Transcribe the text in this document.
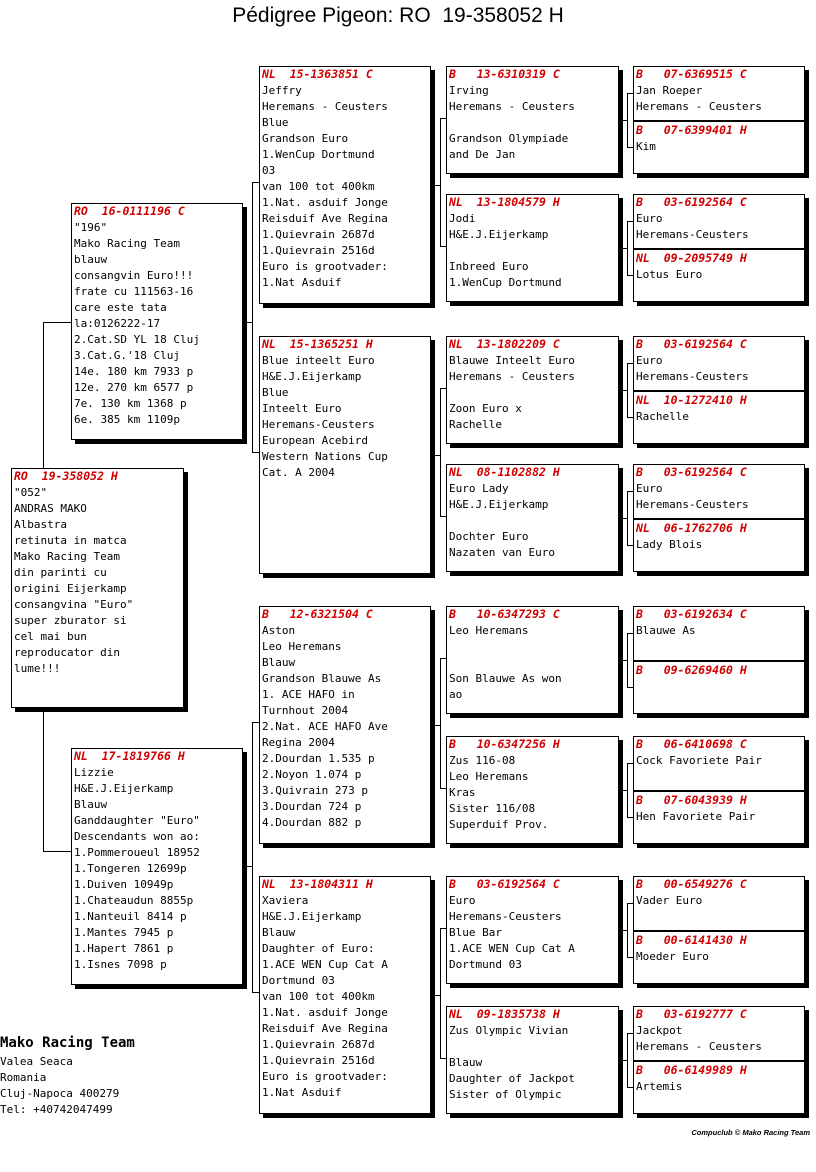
Pédigree Pigeon: RO  19-358052 H
RO  19-358052 H
"052"
ANDRAS MAKO
Albastra
retinuta in matca
Mako Racing Team
din parinti cu
origini Eijerkamp
consangvina "Euro"
super zburator si
cel mai bun
reproducator din
lume!!!
RO  16-0111196 C
"196"
Mako Racing Team
blauw
consangvin Euro!!!
frate cu 111563-16
care este tata
la:0126222-17
2.Cat.SD YL 18 Cluj
3.Cat.G.'18 Cluj
14e. 180 km 7933 p
12e. 270 km 6577 p
7e. 130 km 1368 p
6e. 385 km 1109p
NL  17-1819766 H
Lizzie
H&E.J.Eijerkamp
Blauw
Ganddaughter "Euro"
Descendants won ao:
1.Pommeroueul 18952
1.Tongeren 12699p
1.Duiven 10949p
1.Chateaudun 8855p
1.Nanteuil 8414 p
1.Mantes 7945 p
1.Hapert 7861 p
1.Isnes 7098 p
NL  15-1363851 C
Jeffry
Heremans - Ceusters
Blue
Grandson Euro
1.WenCup Dortmund
03
van 100 tot 400km
1.Nat. asduif Jonge
Reisduif Ave Regina
1.Quievrain 2687d
1.Quievrain 2516d
Euro is grootvader:
1.Nat Asduif
NL  15-1365251 H
Blue inteelt Euro
H&E.J.Eijerkamp
Blue
Inteelt Euro
Heremans-Ceusters
European Acebird
Western Nations Cup
Cat. A 2004
B   12-6321504 C
Aston
Leo Heremans
Blauw
Grandson Blauwe As
1. ACE HAFO in
Turnhout 2004
2.Nat. ACE HAFO Ave
Regina 2004
2.Dourdan 1.535 p
2.Noyon 1.074 p
3.Quivrain 273 p
3.Dourdan 724 p
4.Dourdan 882 p
NL  13-1804311 H
Xaviera
H&E.J.Eijerkamp
Blauw
Daughter of Euro:
1.ACE WEN Cup Cat A
Dortmund 03
van 100 tot 400km
1.Nat. asduif Jonge
Reisduif Ave Regina
1.Quievrain 2687d
1.Quievrain 2516d
Euro is grootvader:
1.Nat Asduif
B   13-6310319 C
Irving
Heremans - Ceusters
Grandson Olympiade
and De Jan
NL  13-1804579 H
Jodi
H&E.J.Eijerkamp
Inbreed Euro
1.WenCup Dortmund
NL  13-1802209 C
Blauwe Inteelt Euro
Heremans - Ceusters
Zoon Euro x
Rachelle
NL  08-1102882 H
Euro Lady
H&E.J.Eijerkamp
Dochter Euro
Nazaten van Euro
B   10-6347293 C
Leo Heremans
Son Blauwe As won
ao
B   10-6347256 H
Zus 116-08
Leo Heremans
Kras
Sister 116/08
Superduif Prov.
B   03-6192564 C
Euro
Heremans-Ceusters
Blue Bar
1.ACE WEN Cup Cat A
Dortmund 03
NL  09-1835738 H
Zus Olympic Vivian
Blauw
Daughter of Jackpot
Sister of Olympic
B   07-6369515 C
Jan Roeper
Heremans - Ceusters
B   07-6399401 H
Kim
B   03-6192564 C
Euro
Heremans-Ceusters
NL  09-2095749 H
Lotus Euro
B   03-6192564 C
Euro
Heremans-Ceusters
NL  10-1272410 H
Rachelle
B   03-6192564 C
Euro
Heremans-Ceusters
NL  06-1762706 H
Lady Blois
B   03-6192634 C
Blauwe As
B   09-6269460 H
B   06-6410698 C
Cock Favoriete Pair
B   07-6043939 H
Hen Favoriete Pair
B   00-6549276 C
Vader Euro
B   00-6141430 H
Moeder Euro
B   03-6192777 C
Jackpot
Heremans - Ceusters
B   06-6149989 H
Artemis
Mako Racing Team
Valea Seaca
Romania
Cluj-Napoca 400279
Tel: +40742047499
Compuclub © Mako Racing Team
